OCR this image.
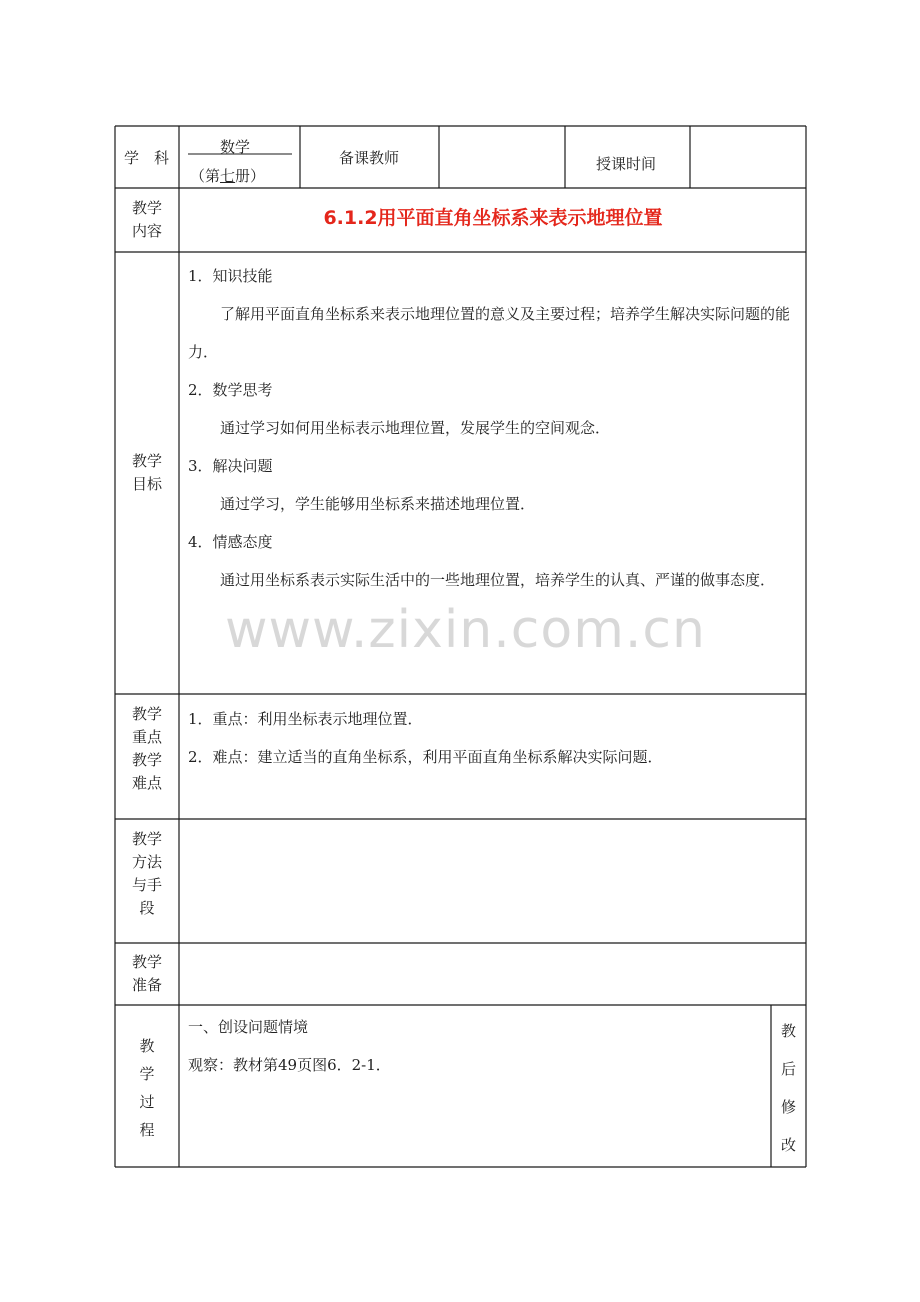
学　科
数学
（第七册）
备课教师	授课时间
教学
内容
6.1.2用平面直角坐标系来表示地理位置
教学
目标
1．知识技能
了解用平面直角坐标系来表示地理位置的意义及主要过程；培养学生解决实际问题的能力．
2．数学思考
通过学习如何用坐标表示地理位置，发展学生的空间观念．
3．解决问题
通过学习，学生能够用坐标系来描述地理位置．
4．情感态度
通过用坐标系表示实际生活中的一些地理位置，培养学生的认真、严谨的做事态度．
教学
重点
教学
难点
1．重点：利用坐标表示地理位置．
2．难点：建立适当的直角坐标系，利用平面直角坐标系解决实际问题．
教学
方法
与手
段
教学
准备
教
学
过
程
一、创设问题情境
观察：教材第49页图6．2-1．
教
后
修
改
www.zixin.com.cn
